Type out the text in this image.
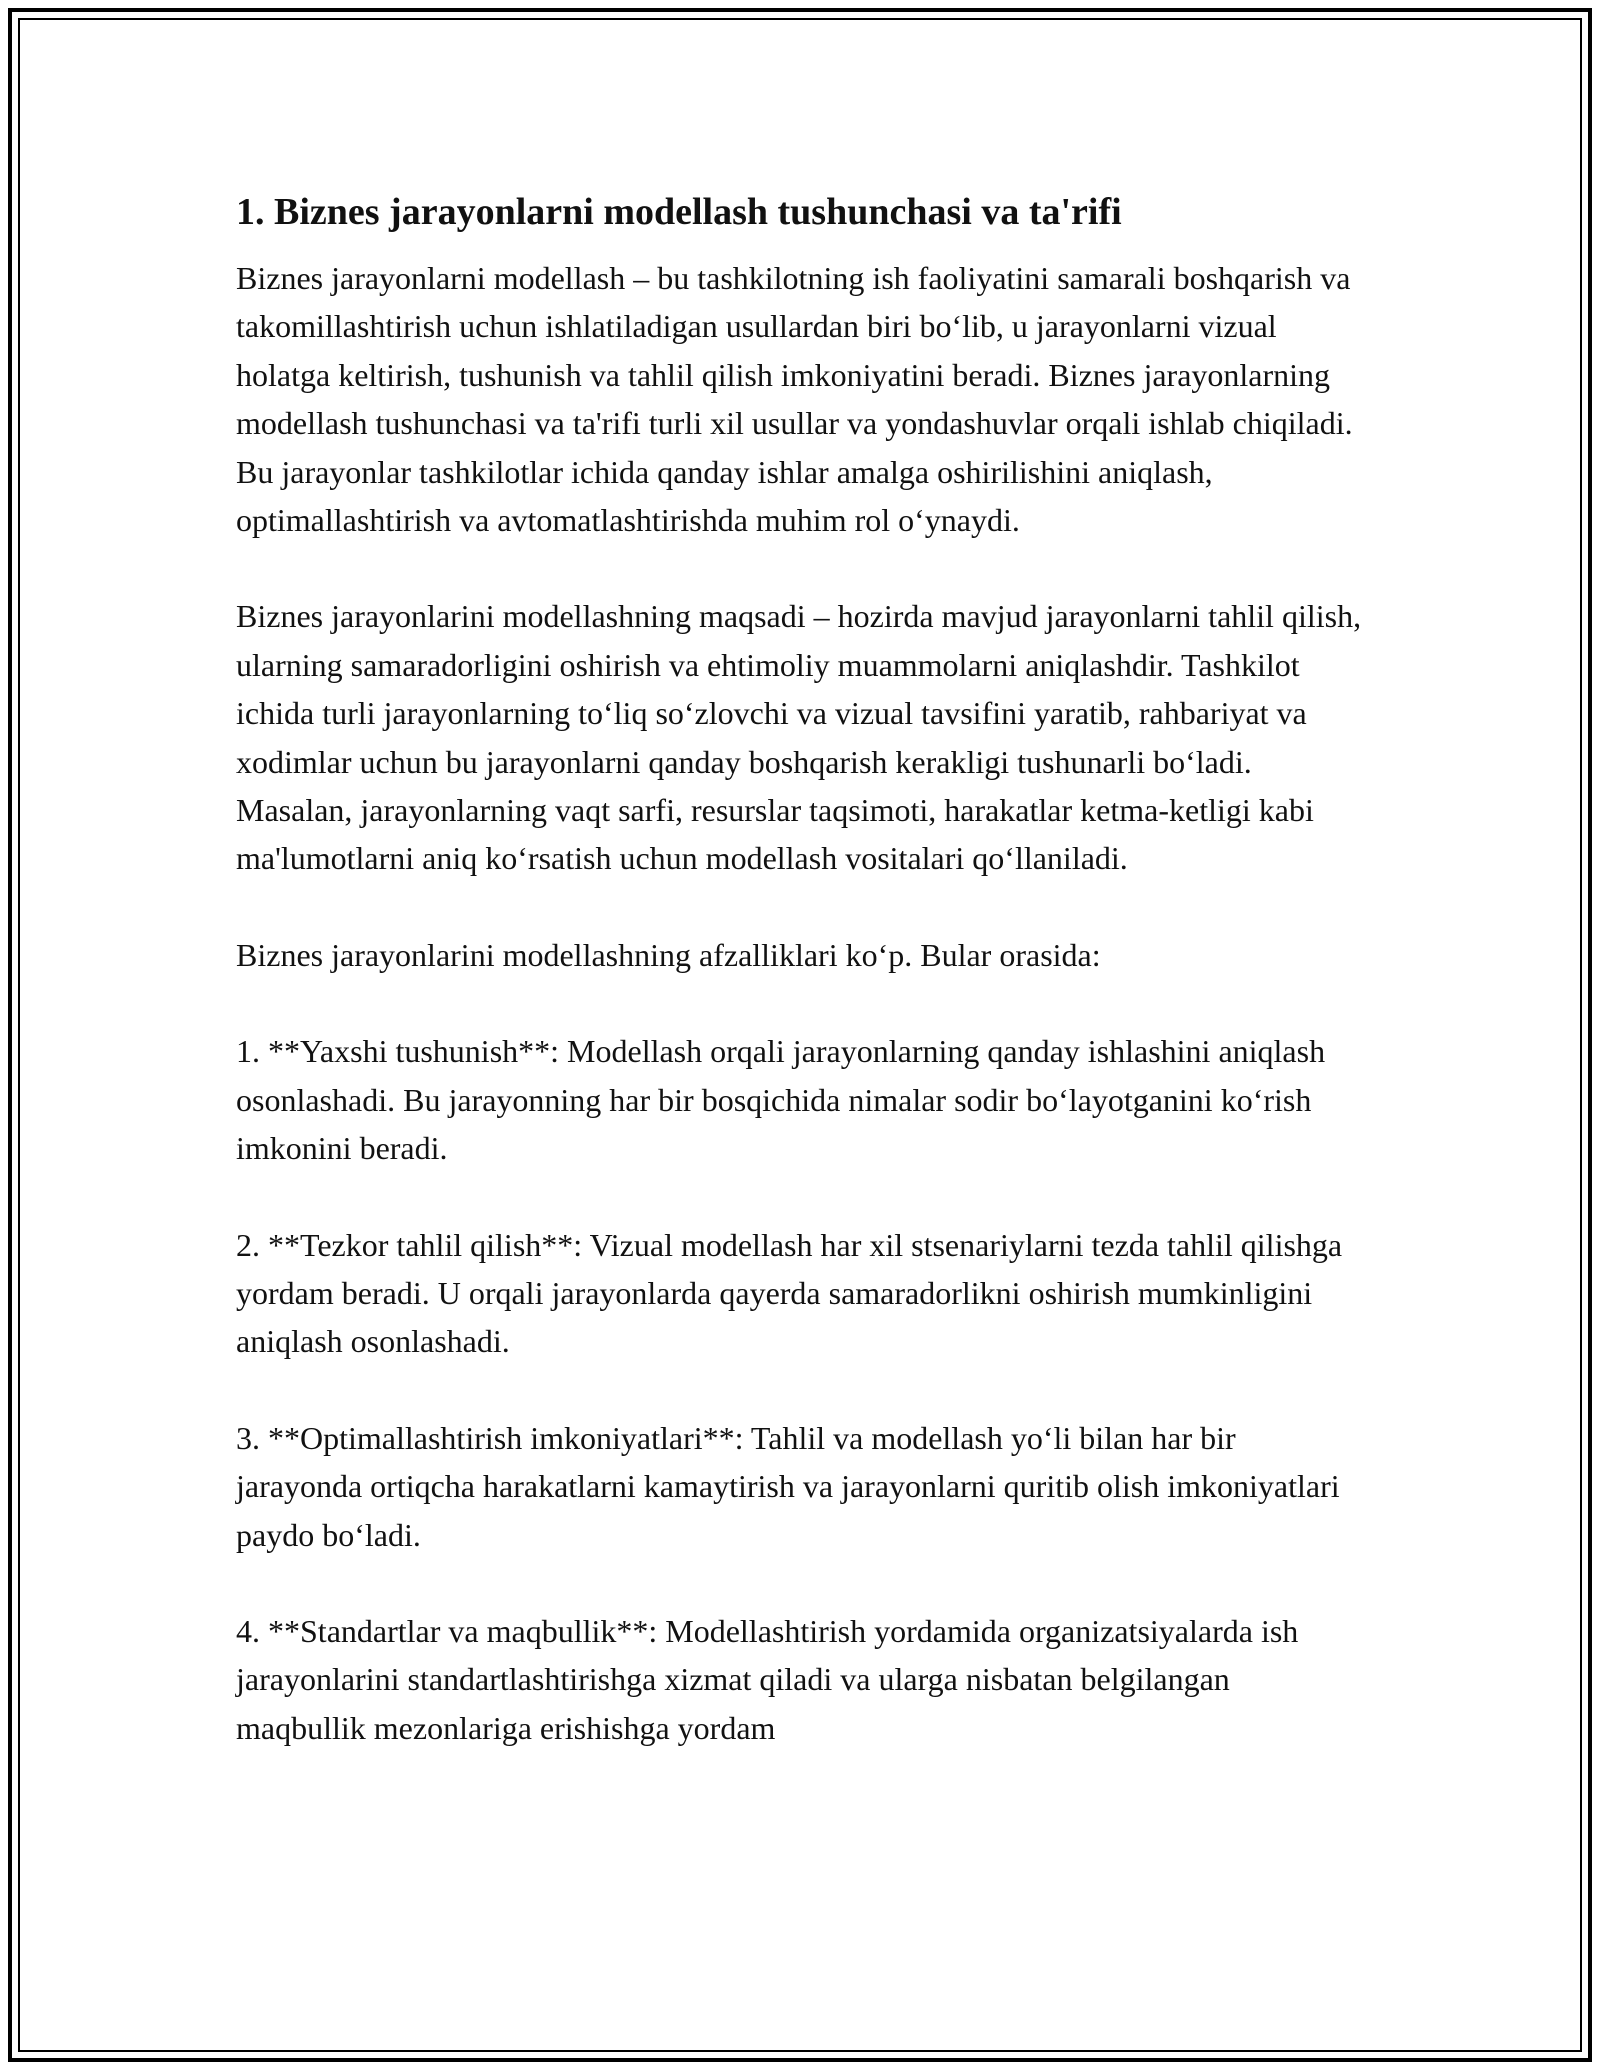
1. Biznes jarayonlarni modellash tushunchasi va ta'rifi

Biznes jarayonlarni modellash – bu tashkilotning ish faoliyatini samarali boshqarish va takomillashtirish uchun ishlatiladigan usullardan biri bo‘lib, u jarayonlarni vizual holatga keltirish, tushunish va tahlil qilish imkoniyatini beradi. Biznes jarayonlarning modellash tushunchasi va ta'rifi turli xil usullar va yondashuvlar orqali ishlab chiqiladi. Bu jarayonlar tashkilotlar ichida qanday ishlar amalga oshirilishini aniqlash, optimallashtirish va avtomatlashtirishda muhim rol o‘ynaydi.

Biznes jarayonlarini modellashning maqsadi – hozirda mavjud jarayonlarni tahlil qilish, ularning samaradorligini oshirish va ehtimoliy muammolarni aniqlashdir. Tashkilot ichida turli jarayonlarning to‘liq so‘zlovchi va vizual tavsifini yaratib, rahbariyat va xodimlar uchun bu jarayonlarni qanday boshqarish kerakligi tushunarli bo‘ladi. Masalan, jarayonlarning vaqt sarfi, resurslar taqsimoti, harakatlar ketma-ketligi kabi ma'lumotlarni aniq ko‘rsatish uchun modellash vositalari qo‘llaniladi.

Biznes jarayonlarini modellashning afzalliklari ko‘p. Bular orasida:

1. **Yaxshi tushunish**: Modellash orqali jarayonlarning qanday ishlashini aniqlash osonlashadi. Bu jarayonning har bir bosqichida nimalar sodir bo‘layotganini ko‘rish imkonini beradi.

2. **Tezkor tahlil qilish**: Vizual modellash har xil stsenariylarni tezda tahlil qilishga yordam beradi. U orqali jarayonlarda qayerda samaradorlikni oshirish mumkinligini aniqlash osonlashadi.

3. **Optimallashtirish imkoniyatlari**: Tahlil va modellash yo‘li bilan har bir jarayonda ortiqcha harakatlarni kamaytirish va jarayonlarni quritib olish imkoniyatlari paydo bo‘ladi.

4. **Standartlar va maqbullik**: Modellashtirish yordamida organizatsiyalarda ish jarayonlarini standartlashtirishga xizmat qiladi va ularga nisbatan belgilangan maqbullik mezonlariga erishishga yordam
